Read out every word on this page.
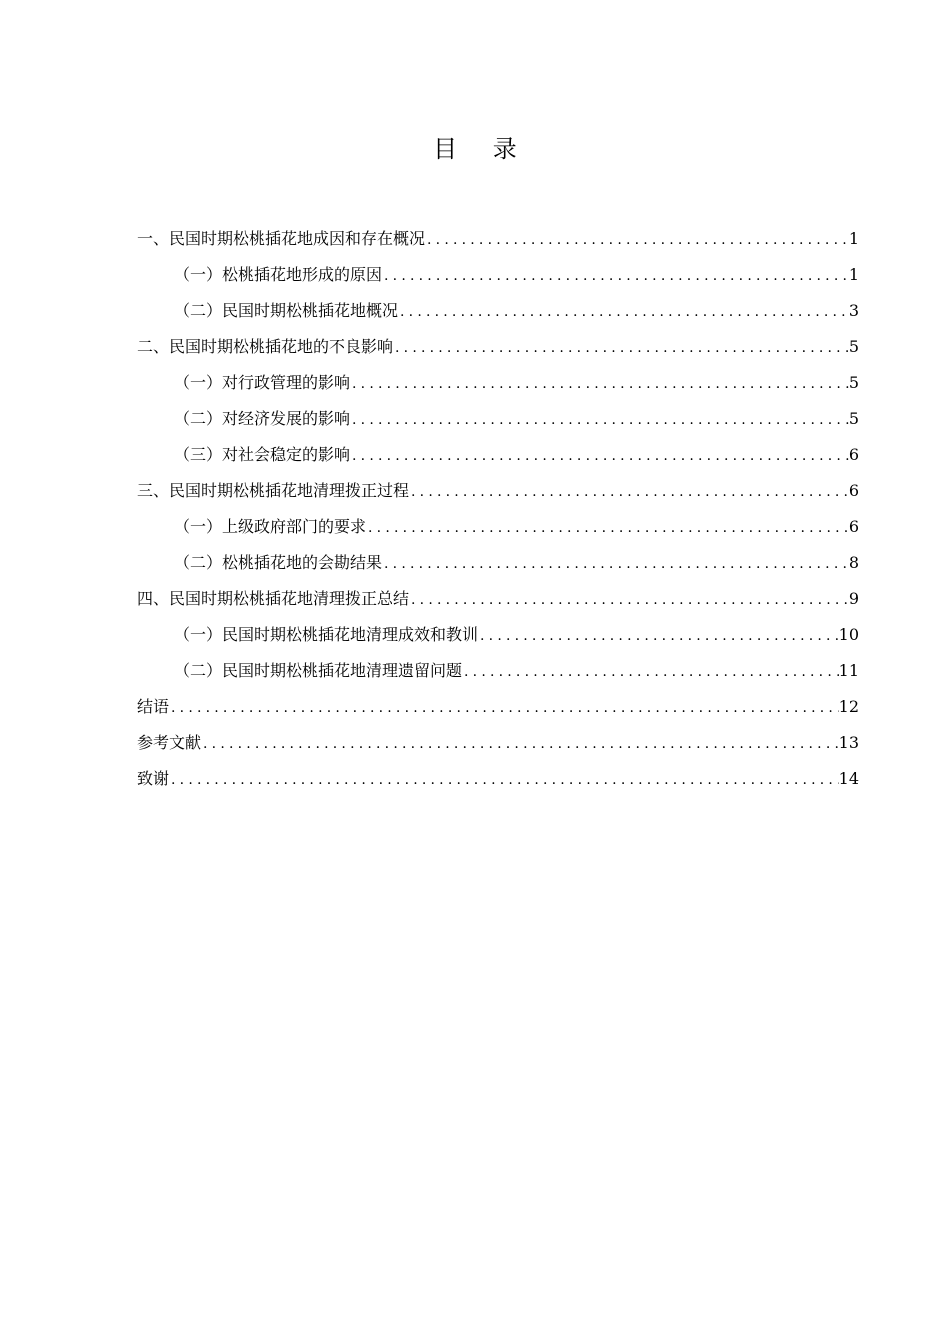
目 录
一、民国时期松桃插花地成因和存在概况 .....	1
（一）松桃插花地形成的原因 .....	1
（二）民国时期松桃插花地概况 .....	3
二、民国时期松桃插花地的不良影响 .....	5
（一）对行政管理的影响 .....	5
（二）对经济发展的影响 .....	5
（三）对社会稳定的影响 .....	6
三、民国时期松桃插花地清理拨正过程 .....	6
（一）上级政府部门的要求 .....	6
（二）松桃插花地的会勘结果 .....	8
四、民国时期松桃插花地清理拨正总结 .....	9
（一）民国时期松桃插花地清理成效和教训 .....	10
（二）民国时期松桃插花地清理遗留问题 .....	11
结语 .....	12
参考文献 .....	13
致谢 .....	14
